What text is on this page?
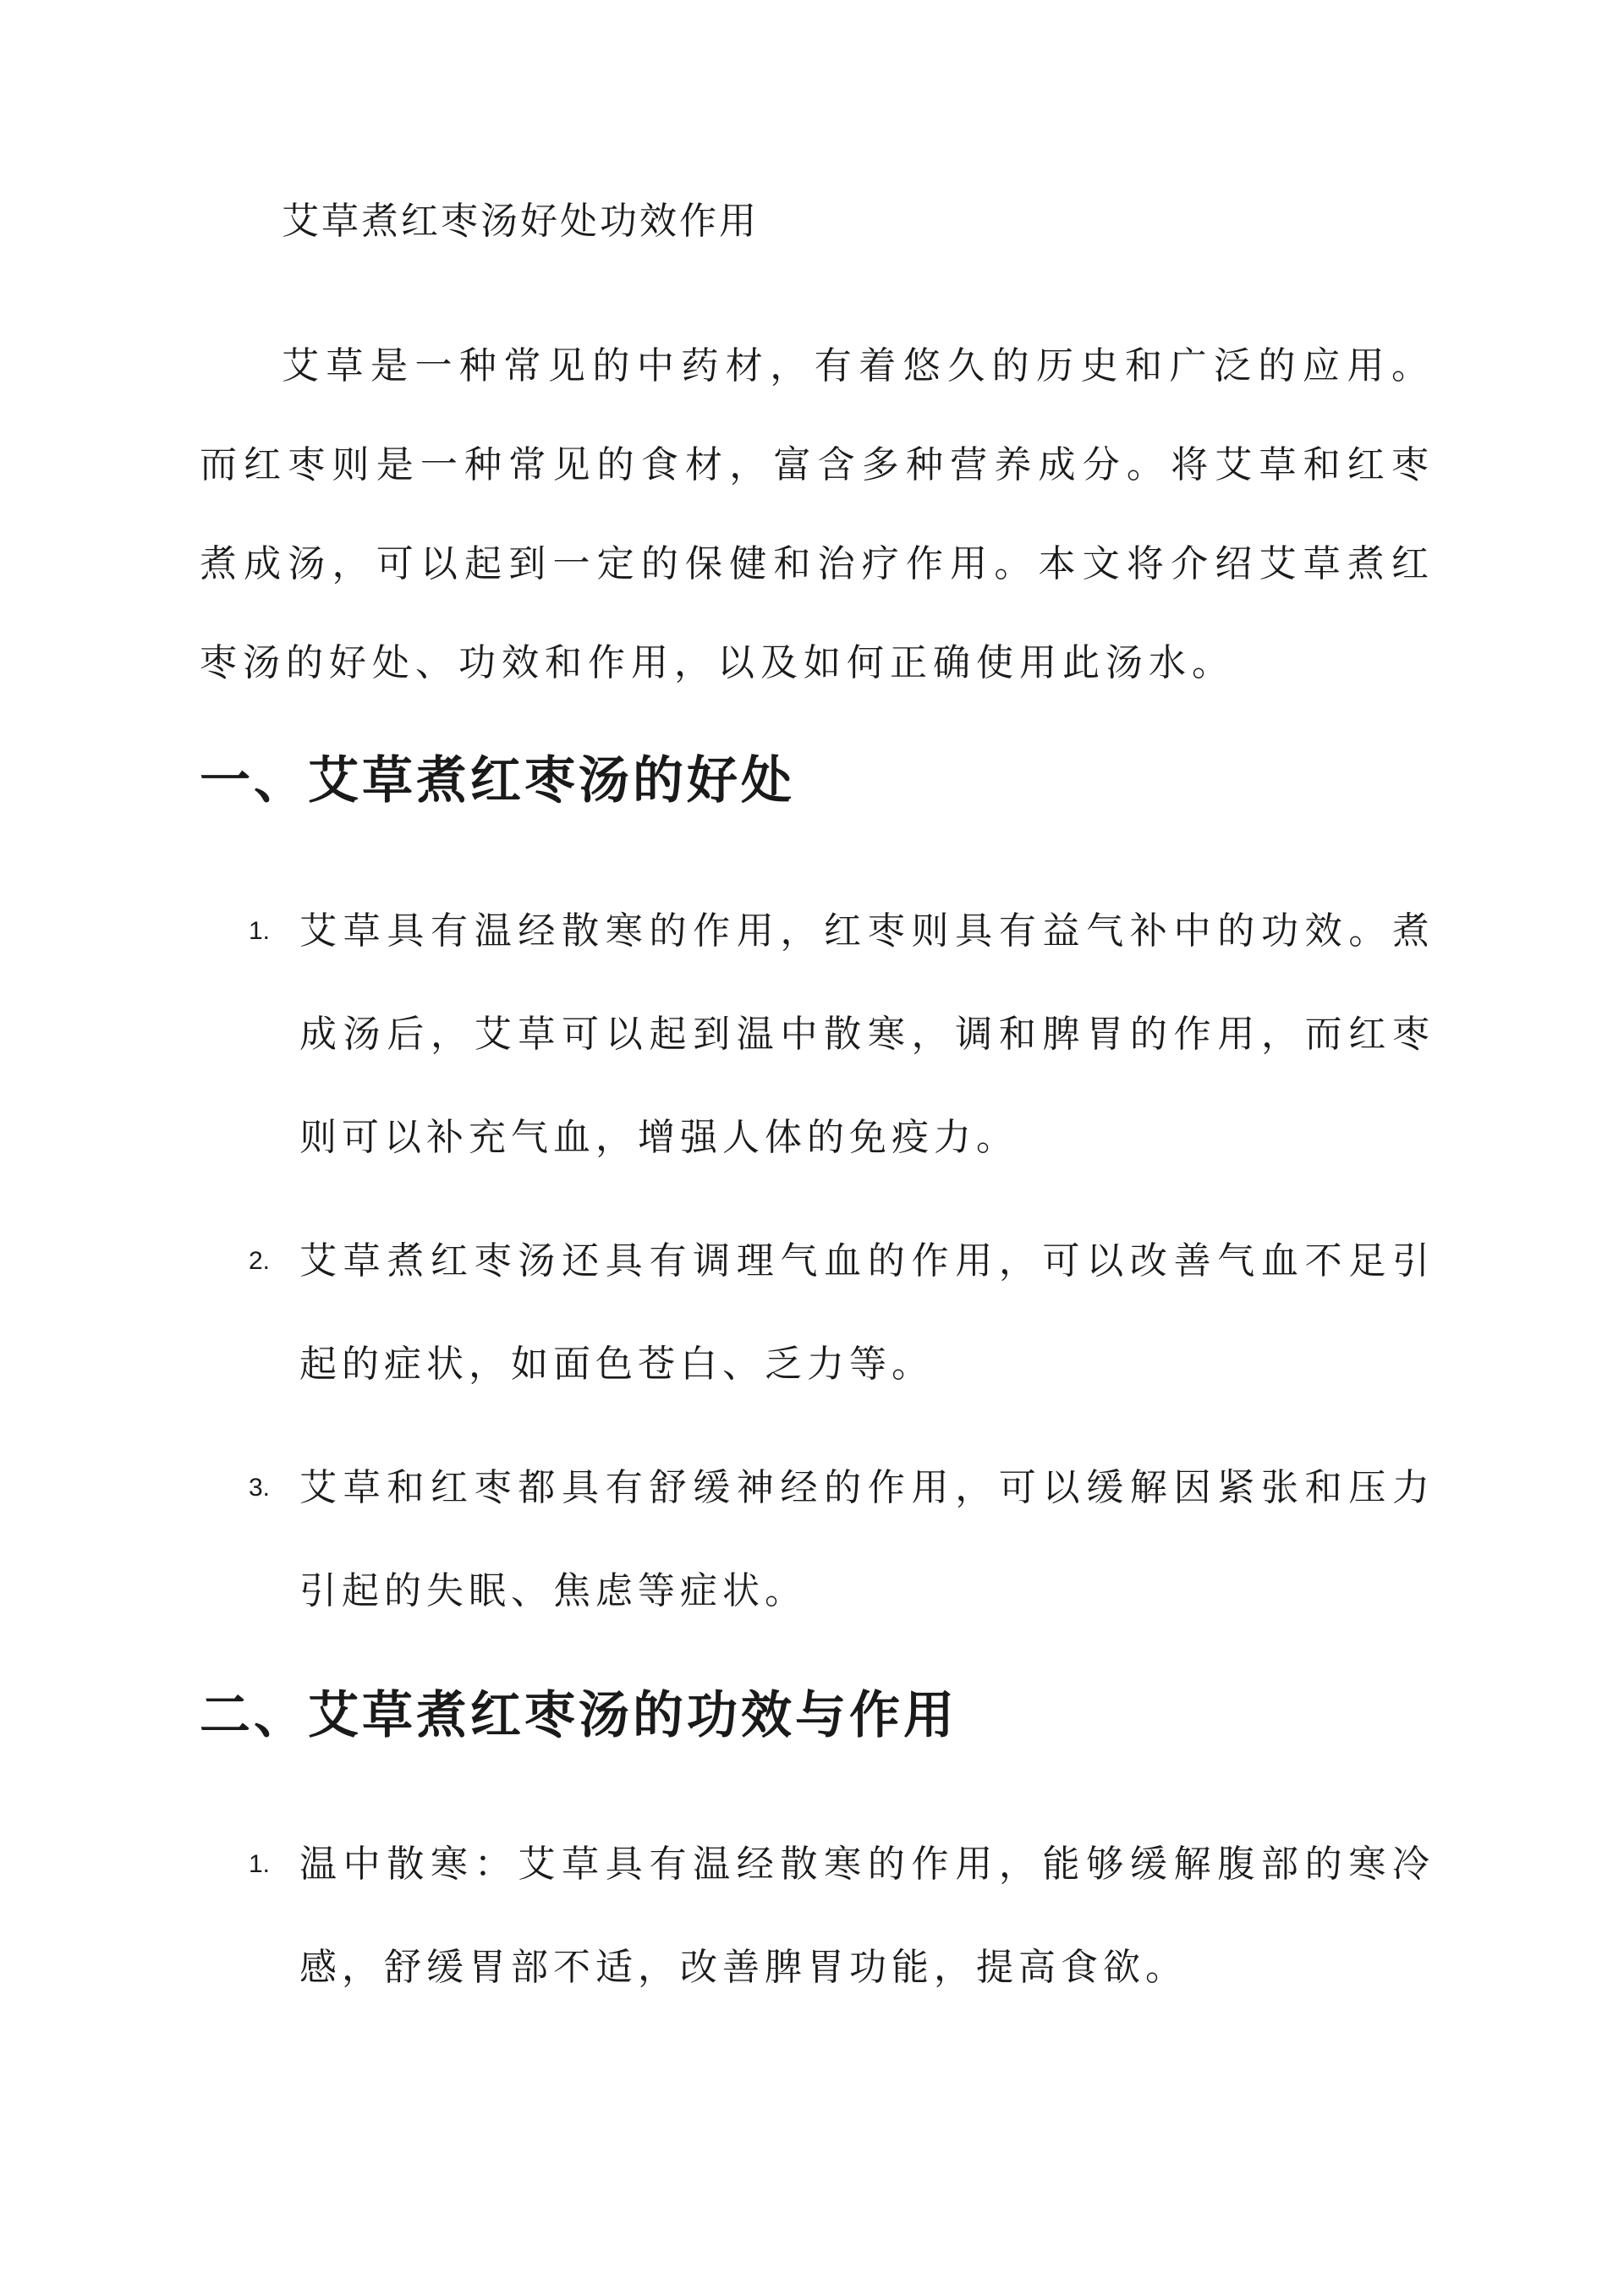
艾草煮红枣汤好处功效作用

艾草是一种常见的中药材，有着悠久的历史和广泛的应用。而红枣则是一种常见的食材，富含多种营养成分。将艾草和红枣煮成汤，可以起到一定的保健和治疗作用。本文将介绍艾草煮红枣汤的好处、功效和作用，以及如何正确使用此汤水。

一、艾草煮红枣汤的好处
1. 艾草具有温经散寒的作用，红枣则具有益气补中的功效。煮成汤后，艾草可以起到温中散寒，调和脾胃的作用，而红枣则可以补充气血，增强人体的免疫力。
2. 艾草煮红枣汤还具有调理气血的作用，可以改善气血不足引起的症状，如面色苍白、乏力等。
3. 艾草和红枣都具有舒缓神经的作用，可以缓解因紧张和压力引起的失眠、焦虑等症状。
二、艾草煮红枣汤的功效与作用
1. 温中散寒：艾草具有温经散寒的作用，能够缓解腹部的寒冷感，舒缓胃部不适，改善脾胃功能，提高食欲。
